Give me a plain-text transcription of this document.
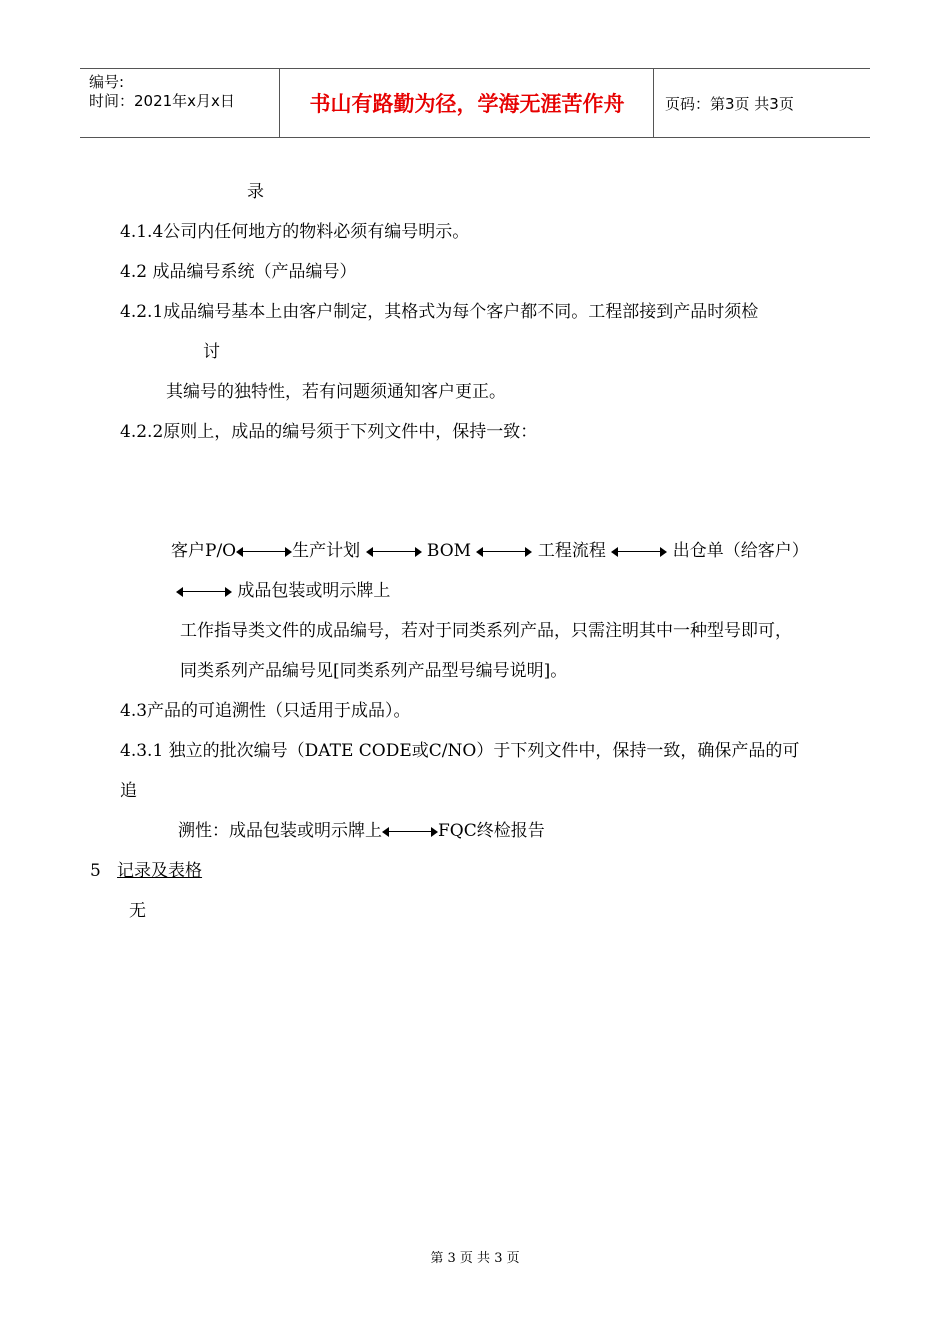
编号:
时间：2021年x月x日	书山有路勤为径，学海无涯苦作舟	页码：第3页 共3页
录
4.1.4公司内任何地方的物料必须有编号明示。
4.2 成品编号系统（产品编号）
4.2.1成品编号基本上由客户制定，其格式为每个客户都不同。工程部接到产品时须检
讨
其编号的独特性，若有问题须通知客户更正。
4.2.2原则上，成品的编号须于下列文件中，保持一致：
客户P/O	生产计划	BOM	工程流程	出仓单（给客户）
成品包装或明示牌上
工作指导类文件的成品编号，若对于同类系列产品，只需注明其中一种型号即可，
同类系列产品编号见[同类系列产品型号编号说明]。
4.3产品的可追溯性（只适用于成品）。
4.3.1 独立的批次编号（DATE CODE或C/NO）于下列文件中，保持一致，确保产品的可
追
溯性：成品包装或明示牌上	FQC终检报告
5 记录及表格
无
第 3 页 共 3 页
